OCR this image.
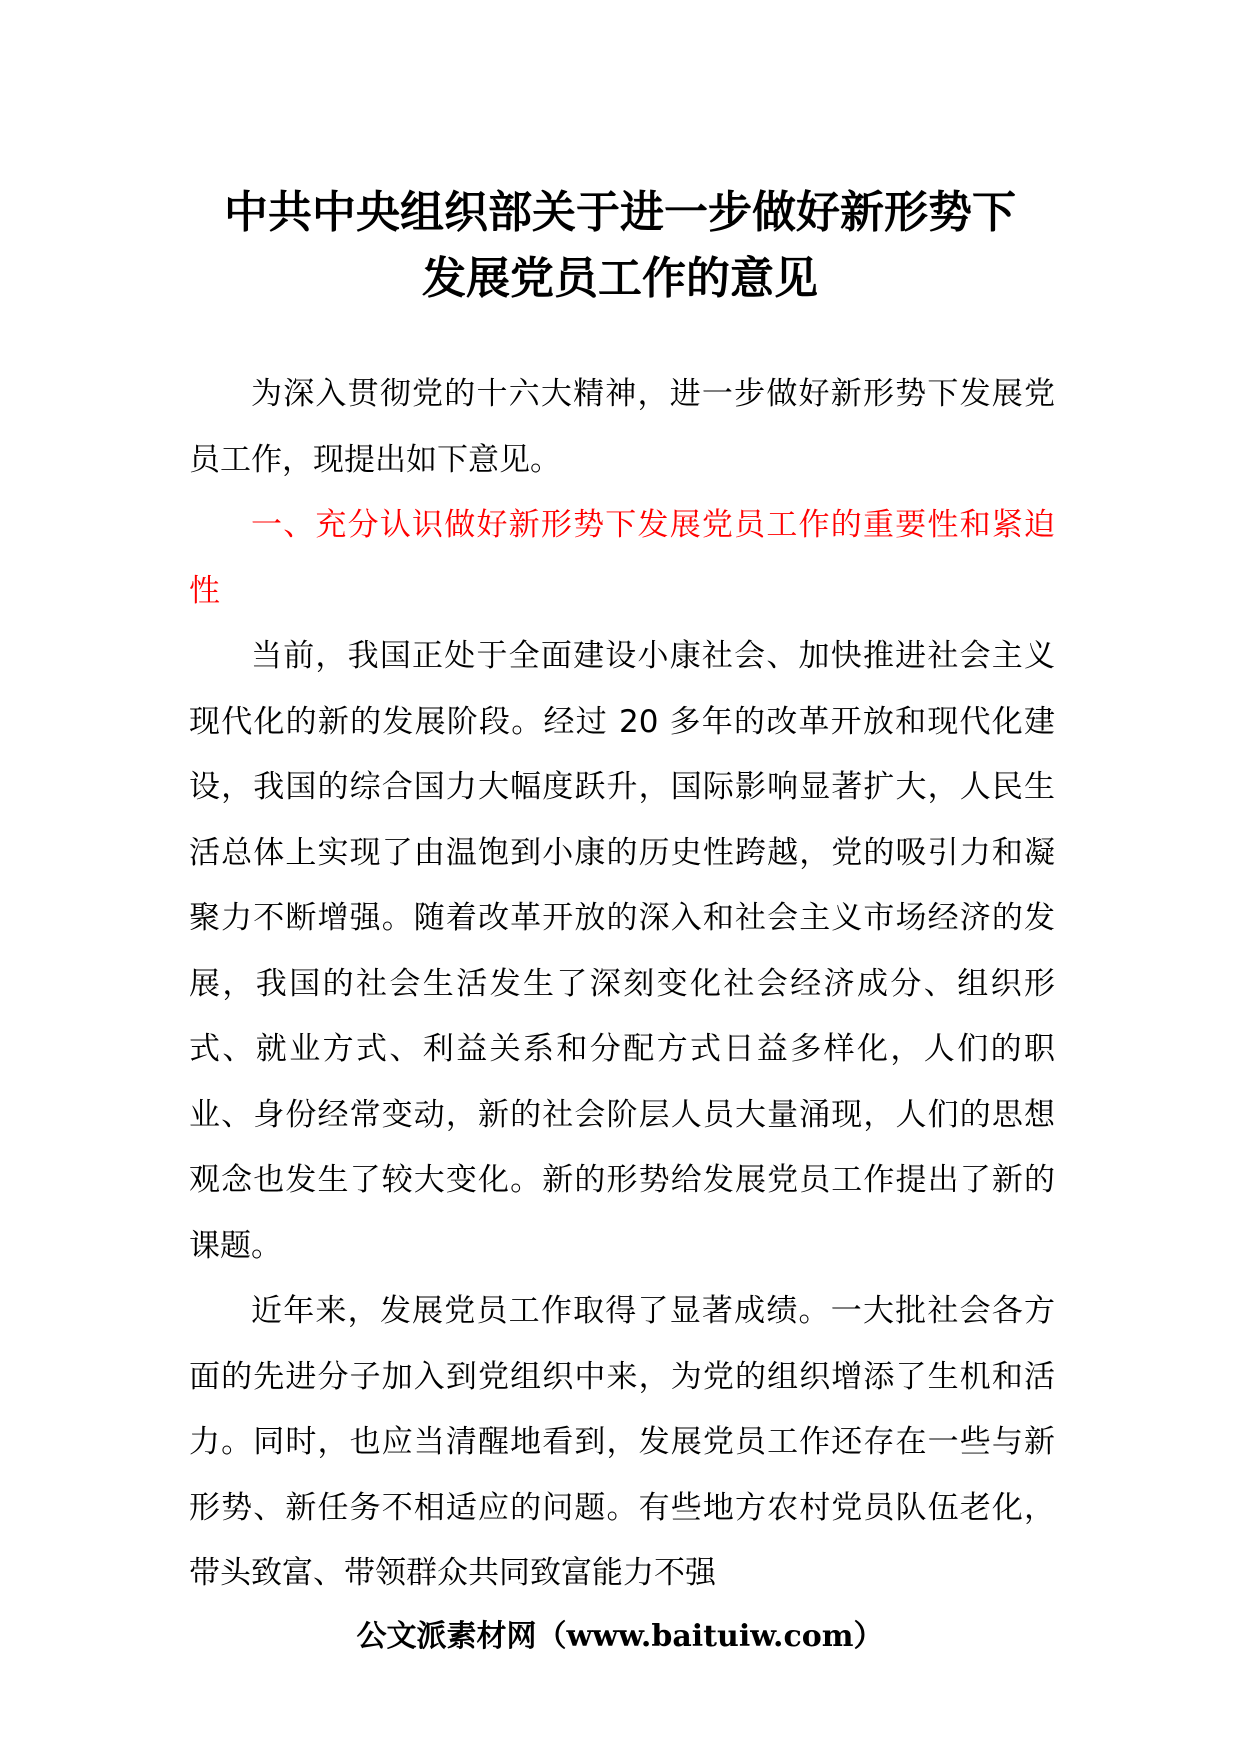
中共中央组织部关于进一步做好新形势下
发展党员工作的意见

为深入贯彻党的十六大精神，进一步做好新形势下发展党员工作，现提出如下意见。

一、充分认识做好新形势下发展党员工作的重要性和紧迫性

当前，我国正处于全面建设小康社会、加快推进社会主义现代化的新的发展阶段。经过 20 多年的改革开放和现代化建设，我国的综合国力大幅度跃升，国际影响显著扩大，人民生活总体上实现了由温饱到小康的历史性跨越，党的吸引力和凝聚力不断增强。随着改革开放的深入和社会主义市场经济的发展，我国的社会生活发生了深刻变化社会经济成分、组织形式、就业方式、利益关系和分配方式日益多样化，人们的职业、身份经常变动，新的社会阶层人员大量涌现，人们的思想观念也发生了较大变化。新的形势给发展党员工作提出了新的课题。

近年来，发展党员工作取得了显著成绩。一大批社会各方面的先进分子加入到党组织中来，为党的组织增添了生机和活力。同时，也应当清醒地看到，发展党员工作还存在一些与新形势、新任务不相适应的问题。有些地方农村党员队伍老化，带头致富、带领群众共同致富能力不强

公文派素材网（www.baituiw.com）
